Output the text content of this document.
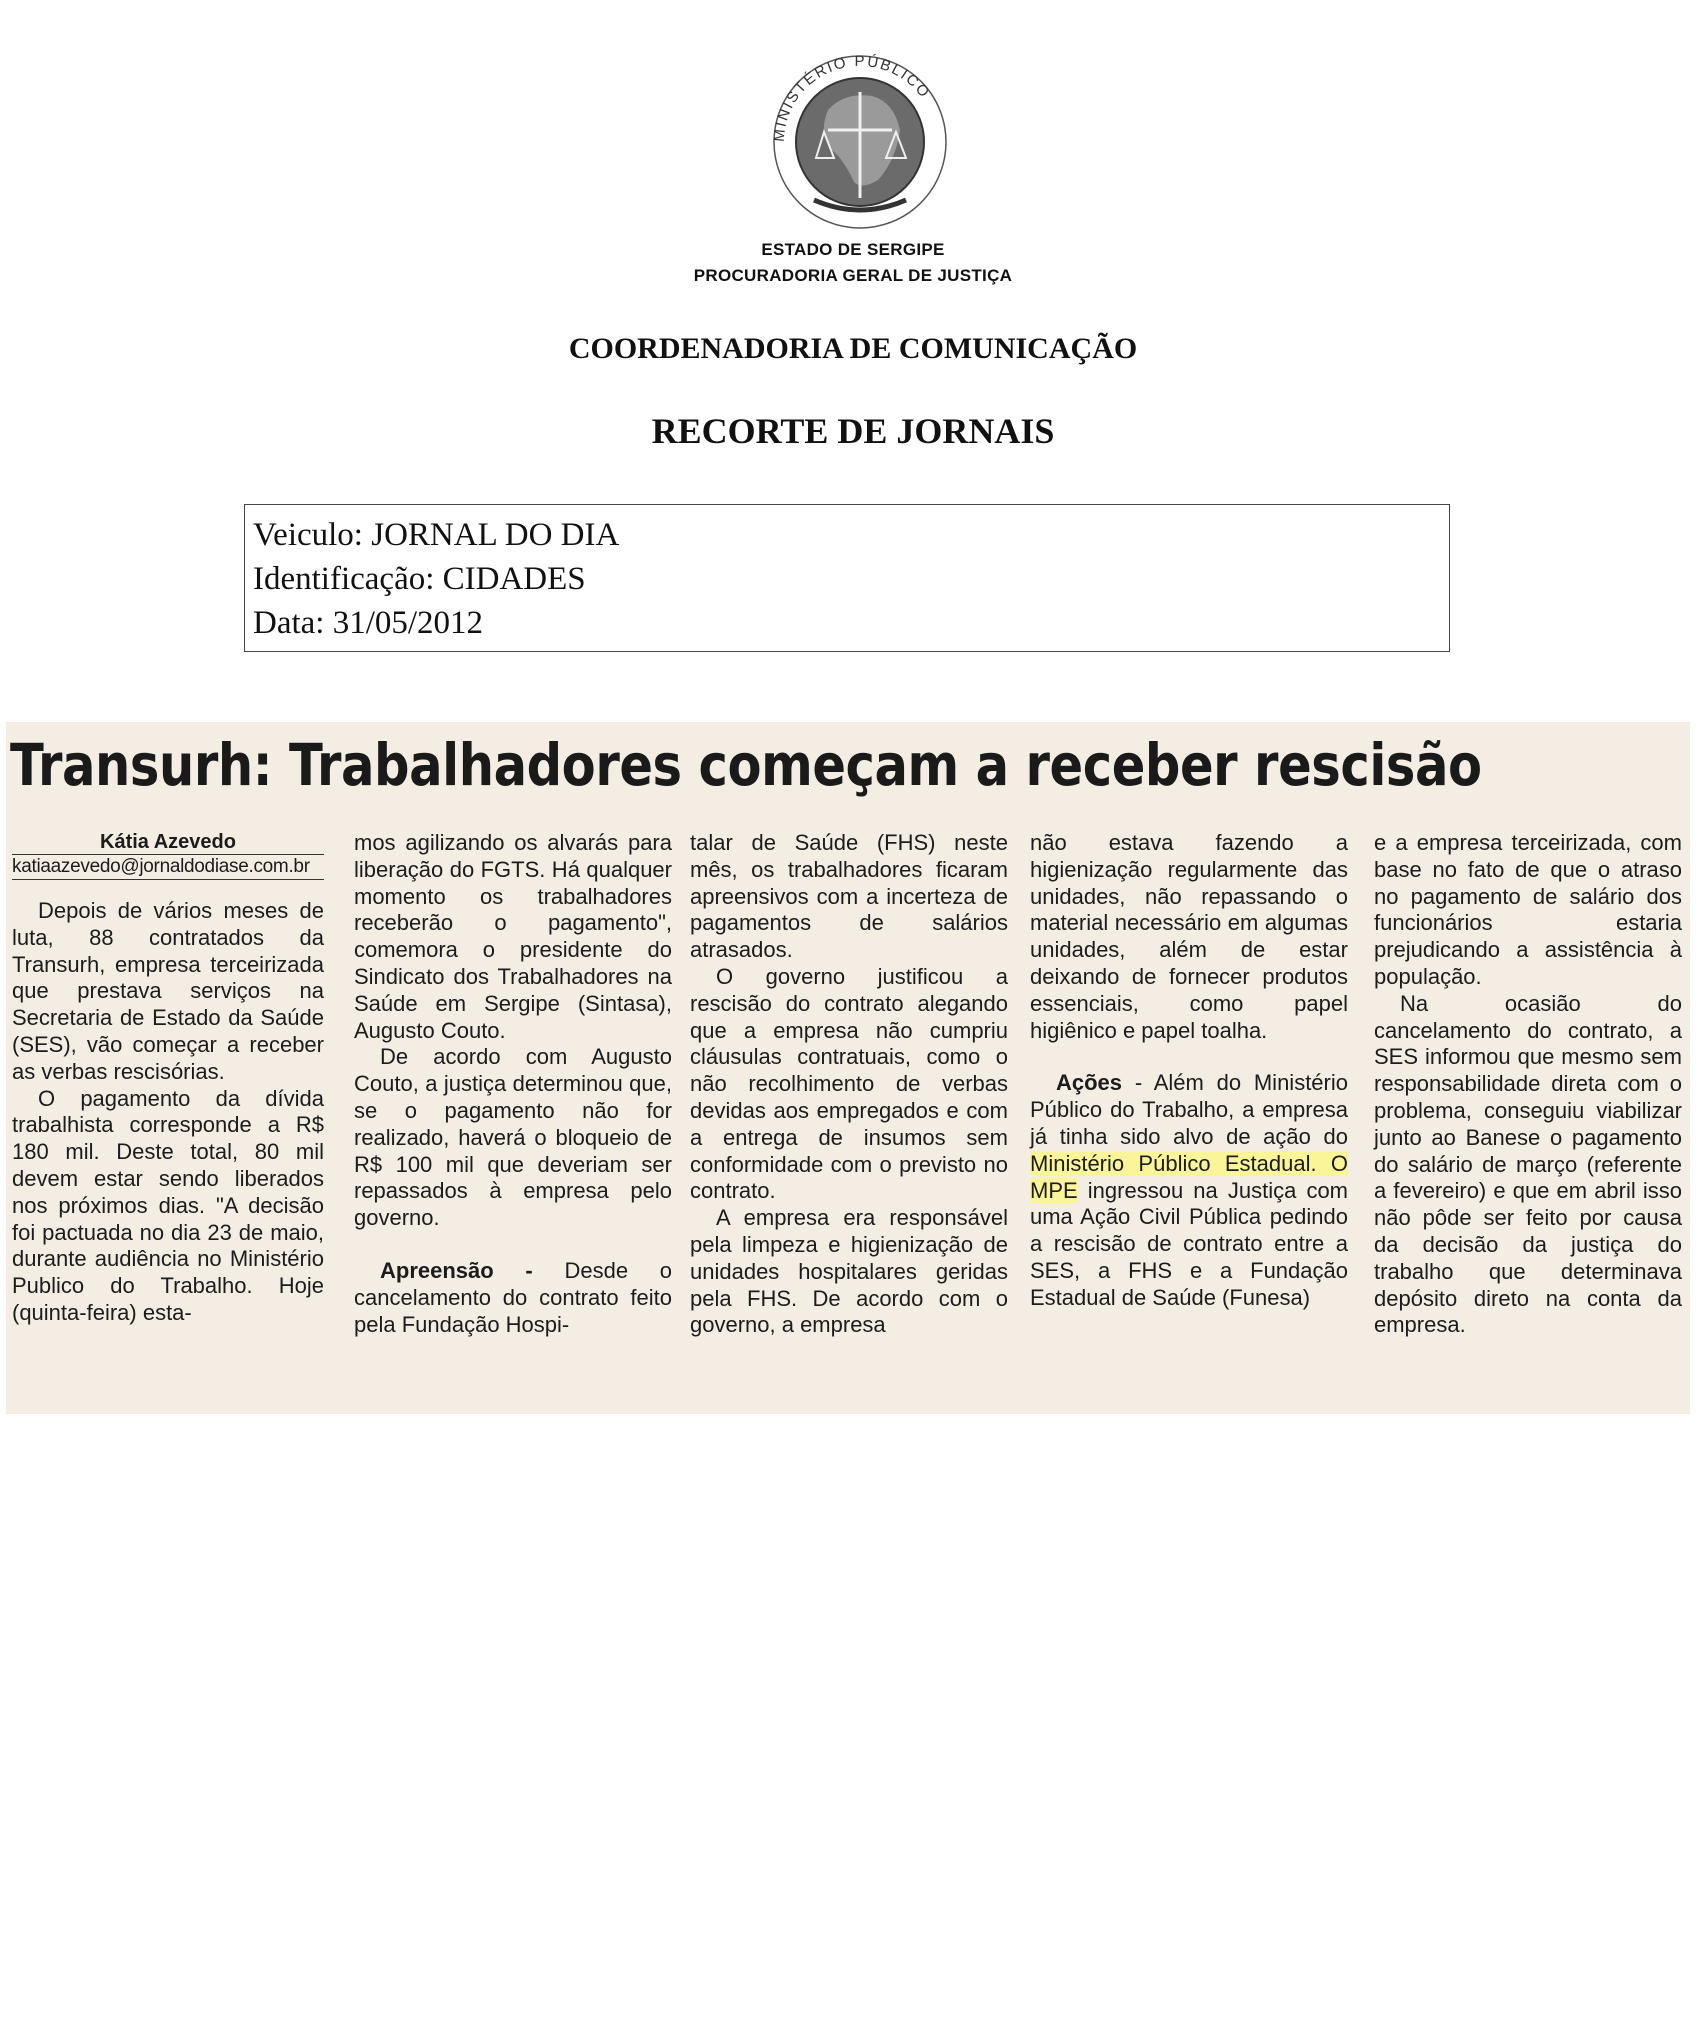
MINISTÉRIO PÚBLICO
ESTADO DE SERGIPE
PROCURADORIA GERAL DE JUSTIÇA
COORDENADORIA DE COMUNICAÇÃO
RECORTE DE JORNAIS
Veiculo: JORNAL DO DIA
Identificação: CIDADES
Data: 31/05/2012
Transurh: Trabalhadores começam a receber rescisão
Kátia Azevedo
katiaazevedo@jornaldodiase.com.br

Depois de vários meses de luta, 88 contratados da Transurh, empresa terceirizada que prestava serviços na Secretaria de Estado da Saúde (SES), vão começar a receber as verbas rescisórias.

O pagamento da dívida trabalhista corresponde a R$ 180 mil. Deste total, 80 mil devem estar sendo liberados nos próximos dias. "A decisão foi pactuada no dia 23 de maio, durante audiência no Ministério Publico do Trabalho. Hoje (quinta-feira) esta-

mos agilizando os alvarás para liberação do FGTS. Há qualquer momento os trabalhadores receberão o pagamento", comemora o presidente do Sindicato dos Trabalhadores na Saúde em Sergipe (Sintasa), Augusto Couto.

De acordo com Augusto Couto, a justiça determinou que, se o pagamento não for realizado, haverá o bloqueio de R$ 100 mil que deveriam ser repassados à empresa pelo governo.

Apreensão - Desde o cancelamento do contrato feito pela Fundação Hospi-

talar de Saúde (FHS) neste mês, os trabalhadores ficaram apreensivos com a incerteza de pagamentos de salários atrasados.

O governo justificou a rescisão do contrato alegando que a empresa não cumpriu cláusulas contratuais, como o não recolhimento de verbas devidas aos empregados e com a entrega de insumos sem conformidade com o previsto no contrato.

A empresa era responsável pela limpeza e higienização de unidades hospitalares geridas pela FHS. De acordo com o governo, a empresa

não estava fazendo a higienização regularmente das unidades, não repassando o material necessário em algumas unidades, além de estar deixando de fornecer produtos essenciais, como papel higiênico e papel toalha.

Ações - Além do Ministério Público do Trabalho, a empresa já tinha sido alvo de ação do Ministério Público Estadual. O MPE ingressou na Justiça com uma Ação Civil Pública pedindo a rescisão de contrato entre a SES, a FHS e a Fundação Estadual de Saúde (Funesa)

e a empresa terceirizada, com base no fato de que o atraso no pagamento de salário dos funcionários estaria prejudicando a assistência à população.

Na ocasião do cancelamento do contrato, a SES informou que mesmo sem responsabilidade direta com o problema, conseguiu viabilizar junto ao Banese o pagamento do salário de março (referente a fevereiro) e que em abril isso não pôde ser feito por causa da decisão da justiça do trabalho que determinava depósito direto na conta da empresa.
